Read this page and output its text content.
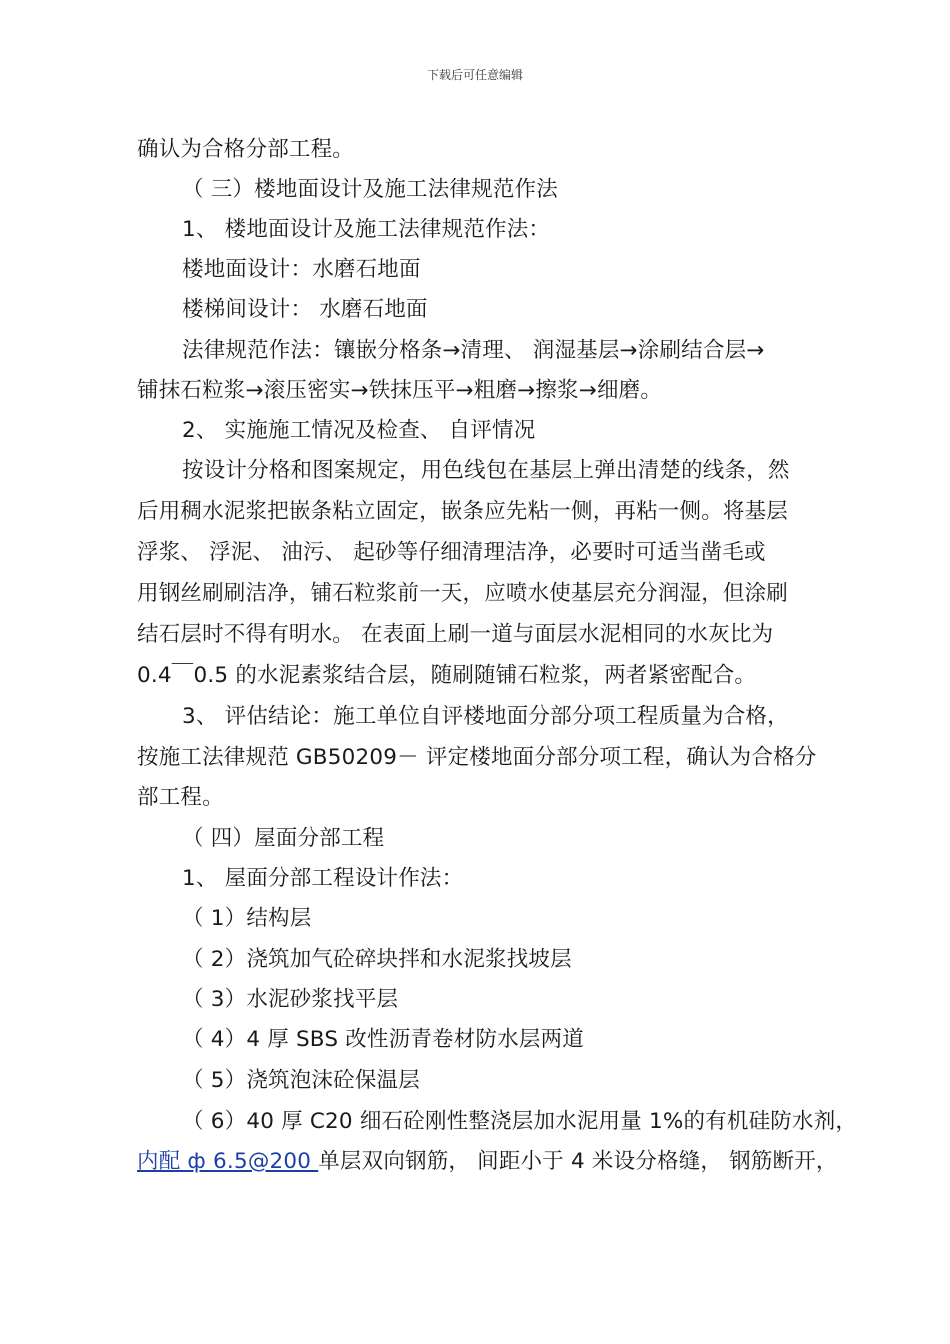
下载后可任意编辑
确认为合格分部工程。
（ 三）楼地面设计及施工法律规范作法
1、 楼地面设计及施工法律规范作法：
楼地面设计：水磨石地面
楼梯间设计： 水磨石地面
法律规范作法：镶嵌分格条→清理、 润湿基层→涂刷结合层→
铺抹石粒浆→滚压密实→铁抹压平→粗磨→擦浆→细磨。
2、 实施施工情况及检查、 自评情况
按设计分格和图案规定，用色线包在基层上弹出清楚的线条，然
后用稠水泥浆把嵌条粘立固定，嵌条应先粘一侧，再粘一侧。将基层
浮浆、 浮泥、 油污、 起砂等仔细清理洁净，必要时可适当凿毛或
用钢丝刷刷洁净，铺石粒浆前一天，应喷水使基层充分润湿，但涂刷
结石层时不得有明水。 在表面上刷一道与面层水泥相同的水灰比为
0.4￣0.5 的水泥素浆结合层，随刷随铺石粒浆，两者紧密配合。
3、 评估结论：施工单位自评楼地面分部分项工程质量为合格，
按施工法律规范 GB50209－ 评定楼地面分部分项工程，确认为合格分
部工程。
（ 四）屋面分部工程
1、 屋面分部工程设计作法：
（ 1）结构层
（ 2）浇筑加气砼碎块拌和水泥浆找坡层
（ 3）水泥砂浆找平层
（ 4）4 厚 SBS 改性沥青卷材防水层两道
（ 5）浇筑泡沫砼保温层
（ 6）40 厚 C20 细石砼刚性整浇层加水泥用量 1%的有机硅防水剂，
内配 ф 6.5@200 单层双向钢筋， 间距小于 4 米设分格缝， 钢筋断开，
